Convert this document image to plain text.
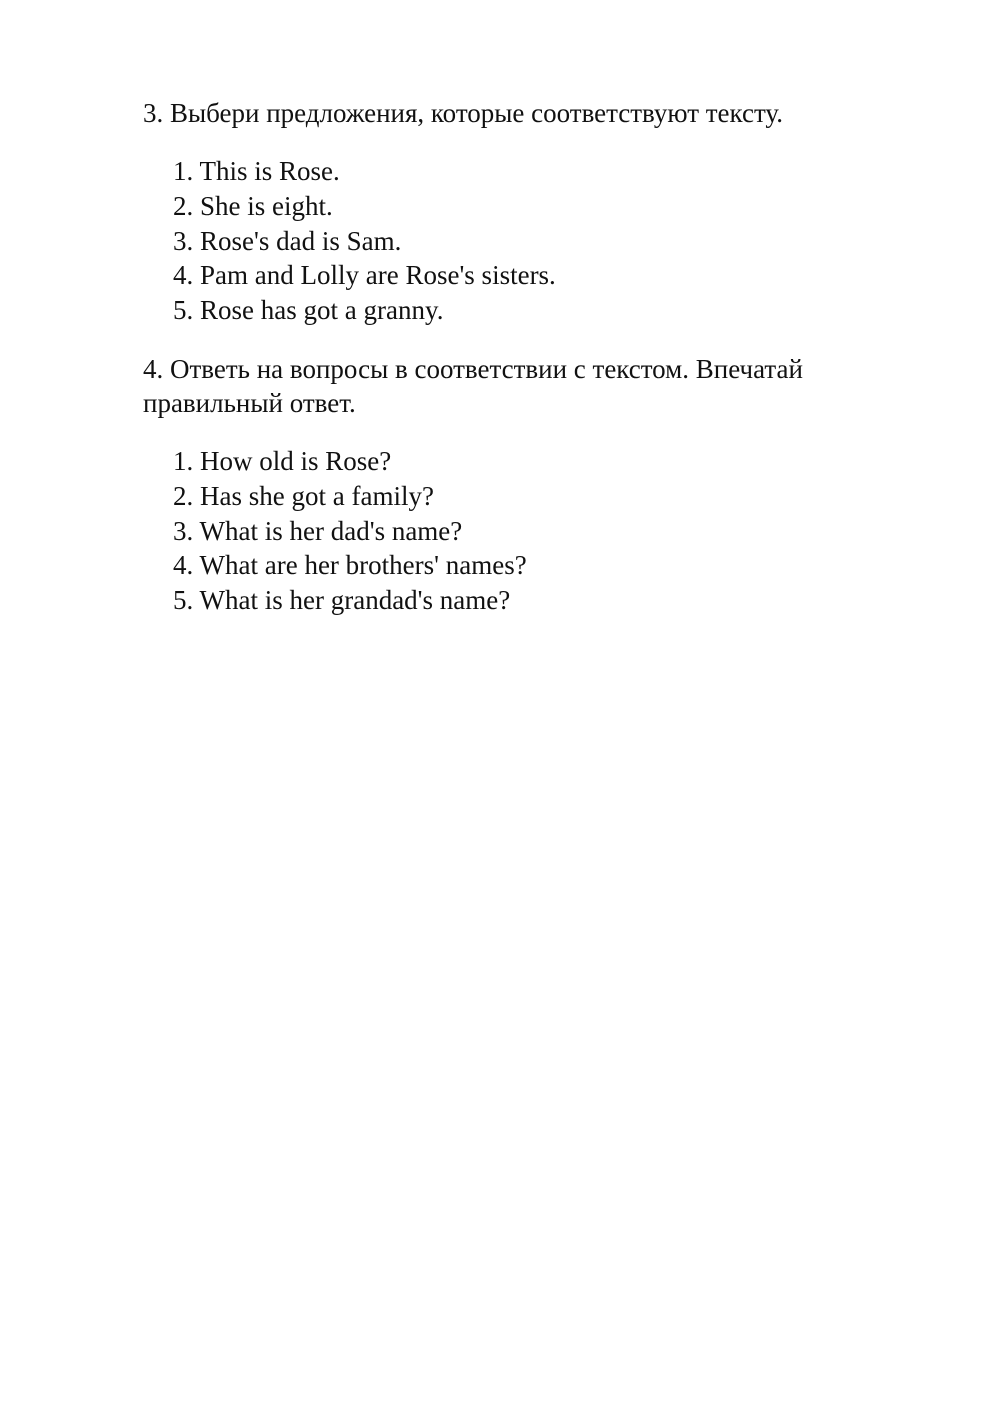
3. Выбери предложения, которые соответствуют тексту.

1. This is Rose.
2. She is eight.
3. Rose's dad is Sam.
4. Pam and Lolly are Rose's sisters.
5. Rose has got a granny.

4. Ответь на вопросы в соответствии с текстом. Впечатай правильный ответ.

1. How old is Rose?
2. Has she got a family?
3. What is her dad's name?
4. What are her brothers' names?
5. What is her grandad's name?
